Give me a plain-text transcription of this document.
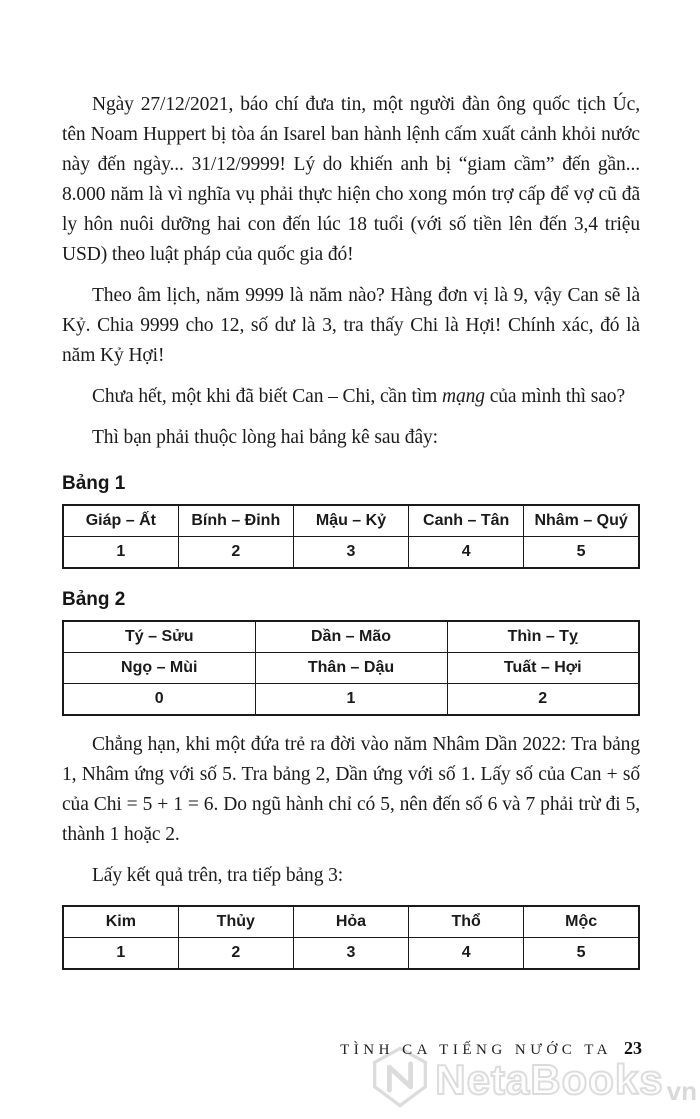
Ngày 27/12/2021, báo chí đưa tin, một người đàn ông quốc tịch Úc, tên Noam Huppert bị tòa án Isarel ban hành lệnh cấm xuất cảnh khỏi nước này đến ngày... 31/12/9999! Lý do khiến anh bị “giam cầm” đến gần... 8.000 năm là vì nghĩa vụ phải thực hiện cho xong món trợ cấp để vợ cũ đã ly hôn nuôi dưỡng hai con đến lúc 18 tuổi (với số tiền lên đến 3,4 triệu USD) theo luật pháp của quốc gia đó!

Theo âm lịch, năm 9999 là năm nào? Hàng đơn vị là 9, vậy Can sẽ là Kỷ. Chia 9999 cho 12, số dư là 3, tra thấy Chi là Hợi! Chính xác, đó là năm Kỷ Hợi!

Chưa hết, một khi đã biết Can – Chi, cần tìm mạng của mình thì sao?

Thì bạn phải thuộc lòng hai bảng kê sau đây:

Bảng 1
Giáp – Ất	Bính – Đinh	Mậu – Kỷ	Canh – Tân	Nhâm – Quý
1	2	3	4	5
Bảng 2
Tý – Sửu	Dần – Mão	Thìn – Tỵ
Ngọ – Mùi	Thân – Dậu	Tuất – Hợi
0	1	2

Chẳng hạn, khi một đứa trẻ ra đời vào năm Nhâm Dần 2022: Tra bảng 1, Nhâm ứng với số 5. Tra bảng 2, Dần ứng với số 1. Lấy số của Can + số của Chi = 5 + 1 = 6. Do ngũ hành chỉ có 5, nên đến số 6 và 7 phải trừ đi 5, thành 1 hoặc 2.

Lấy kết quả trên, tra tiếp bảng 3:

Kim	Thủy	Hỏa	Thổ	Mộc
1	2	3	4	5
TÌNH CA TIẾNG NƯỚC TA 23
NetaBooks vn
